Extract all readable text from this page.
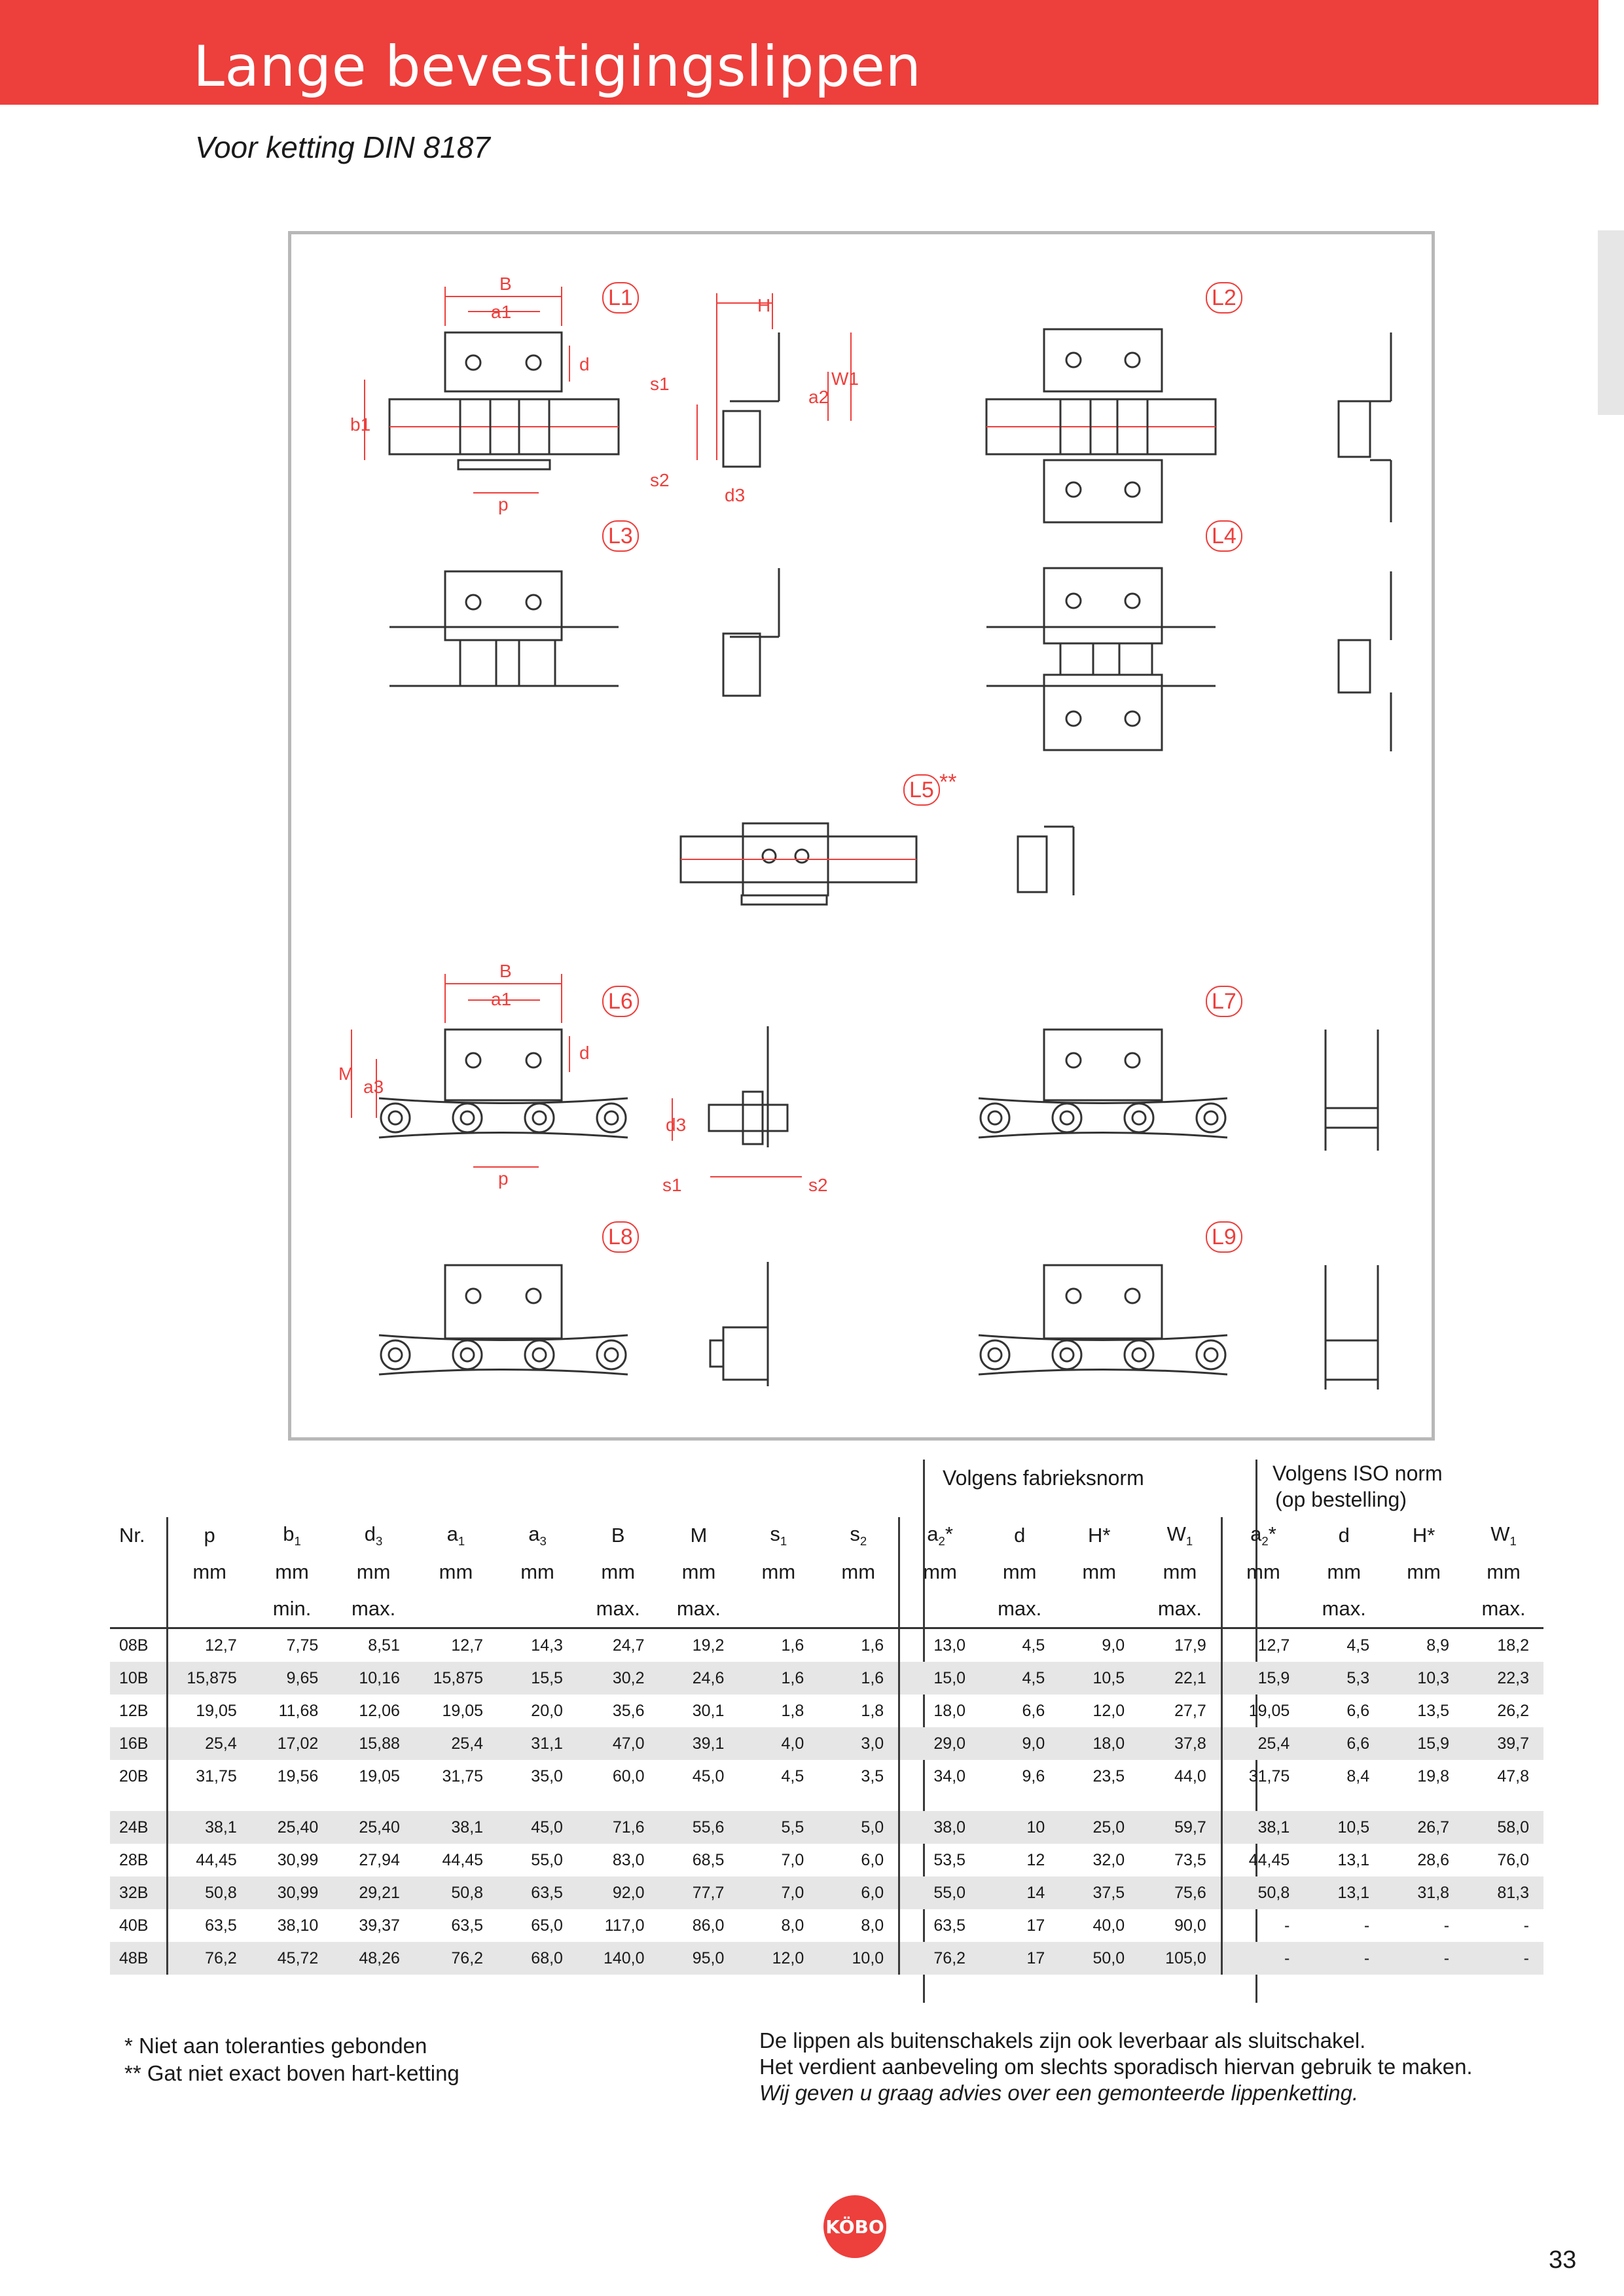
Lange bevestigingslippen
Voor ketting DIN 8187
B
a1
d
b1
p
L1	H
W1
a2
s1
s2
d3
L2
L3	L4
L5 **
L6
B
a1
d
M
a3
p
d3
s1	s2
L7
L8	L9
Volgens fabrieksnorm	Volgens ISO norm
(op bestelling)
Nr.	p	$b_1$	$d_3$	$a_1$	$a_3$	B	M	$s_1$	$s_2$	$a_2*$	d	H*	$W_1$	$a_2*$	d	H*	$W_1$
	mm	mm	mm	mm	mm	mm	mm	mm	mm	mm	mm	mm	mm	mm	mm	mm	mm
		min.	max.			max.	max.				max.		max.		max.		max.
08B	12,7	7,75	8,51	12,7	14,3	24,7	19,2	1,6	1,6	13,0	4,5	9,0	17,9	12,7	4,5	8,9	18,2
10B	15,875	9,65	10,16	15,875	15,5	30,2	24,6	1,6	1,6	15,0	4,5	10,5	22,1	15,9	5,3	10,3	22,3
12B	19,05	11,68	12,06	19,05	20,0	35,6	30,1	1,8	1,8	18,0	6,6	12,0	27,7	19,05	6,6	13,5	26,2
16B	25,4	17,02	15,88	25,4	31,1	47,0	39,1	4,0	3,0	29,0	9,0	18,0	37,8	25,4	6,6	15,9	39,7
20B	31,75	19,56	19,05	31,75	35,0	60,0	45,0	4,5	3,5	34,0	9,6	23,5	44,0	31,75	8,4	19,8	47,8

24B	38,1	25,40	25,40	38,1	45,0	71,6	55,6	5,5	5,0	38,0	10	25,0	59,7	38,1	10,5	26,7	58,0
28B	44,45	30,99	27,94	44,45	55,0	83,0	68,5	7,0	6,0	53,5	12	32,0	73,5	44,45	13,1	28,6	76,0
32B	50,8	30,99	29,21	50,8	63,5	92,0	77,7	7,0	6,0	55,0	14	37,5	75,6	50,8	13,1	31,8	81,3
40B	63,5	38,10	39,37	63,5	65,0	117,0	86,0	8,0	8,0	63,5	17	40,0	90,0	-	-	-	-
48B	76,2	45,72	48,26	76,2	68,0	140,0	95,0	12,0	10,0	76,2	17	50,0	105,0	-	-	-	-
* Niet aan toleranties gebonden
** Gat niet exact boven hart-ketting
De lippen als buitenschakels zijn ook leverbaar als sluitschakel.
Het verdient aanbeveling om slechts sporadisch hiervan gebruik te maken.
Wij geven u graag advies over een gemonteerde lippenketting.
KÖBO
33
